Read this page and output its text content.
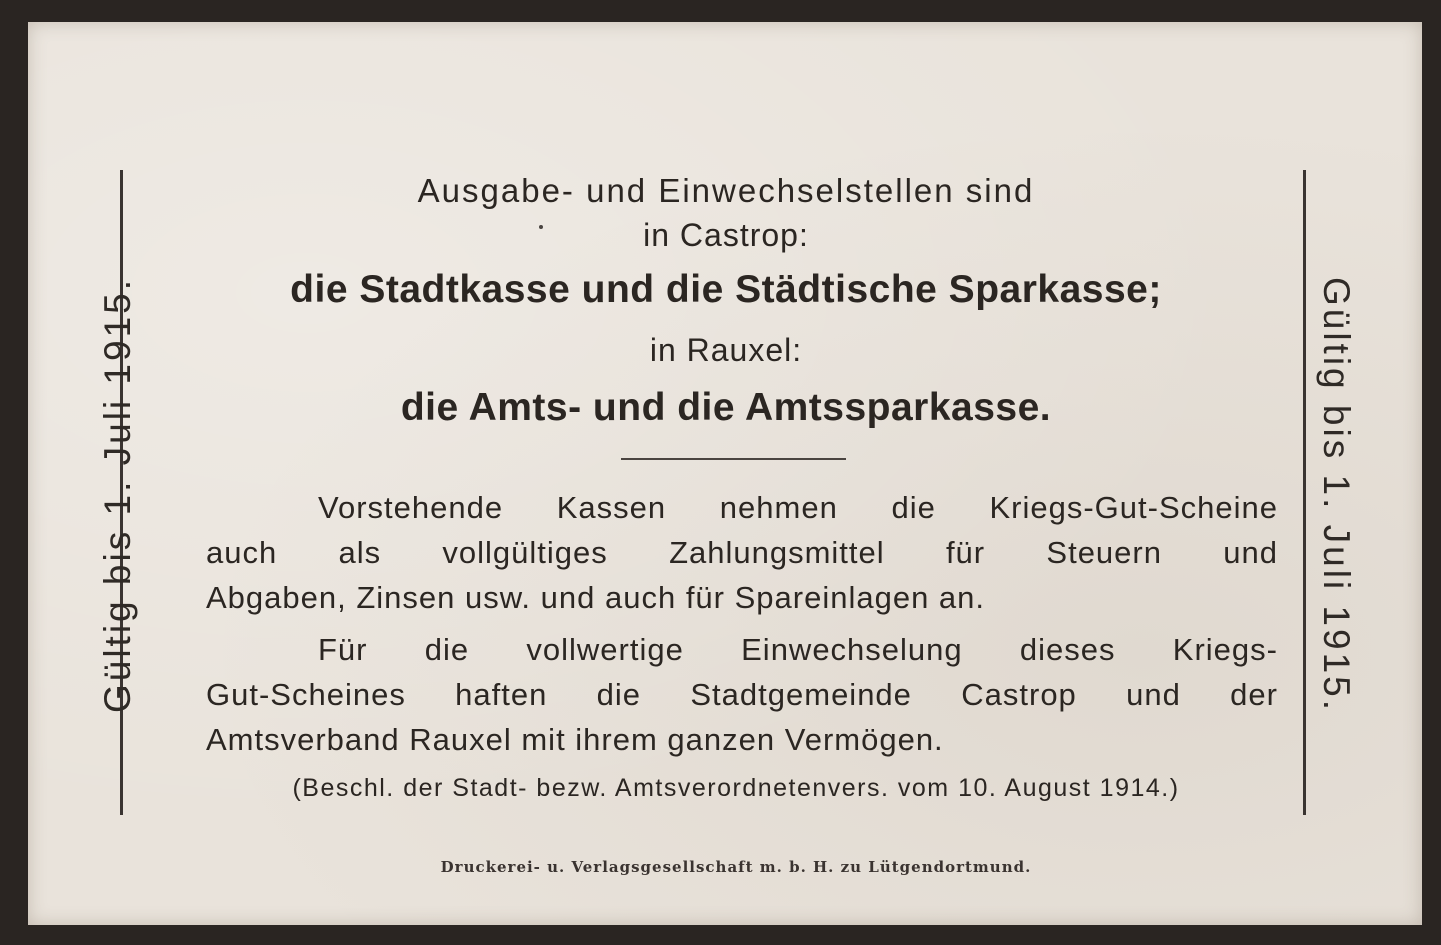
Gültig bis 1. Juli 1915.	Gültig bis 1. Juli 1915.
Ausgabe- und Einwechselstellen sind
in Castrop:
die Stadtkasse und die Städtische Sparkasse;
in Rauxel:
die Amts- und die Amtssparkasse.
Vorstehende Kassen nehmen die Kriegs-Gut-Scheine
auch als vollgültiges Zahlungsmittel für Steuern und
Abgaben, Zinsen usw. und auch für Spareinlagen an.
Für die vollwertige Einwechselung dieses Kriegs-
Gut-Scheines haften die Stadtgemeinde Castrop und der
Amtsverband Rauxel mit ihrem ganzen Vermögen.
(Beschl. der Stadt- bezw. Amtsverordnetenvers. vom 10. August 1914.)
Druckerei- u. Verlagsgesellschaft m. b. H. zu Lütgendortmund.
